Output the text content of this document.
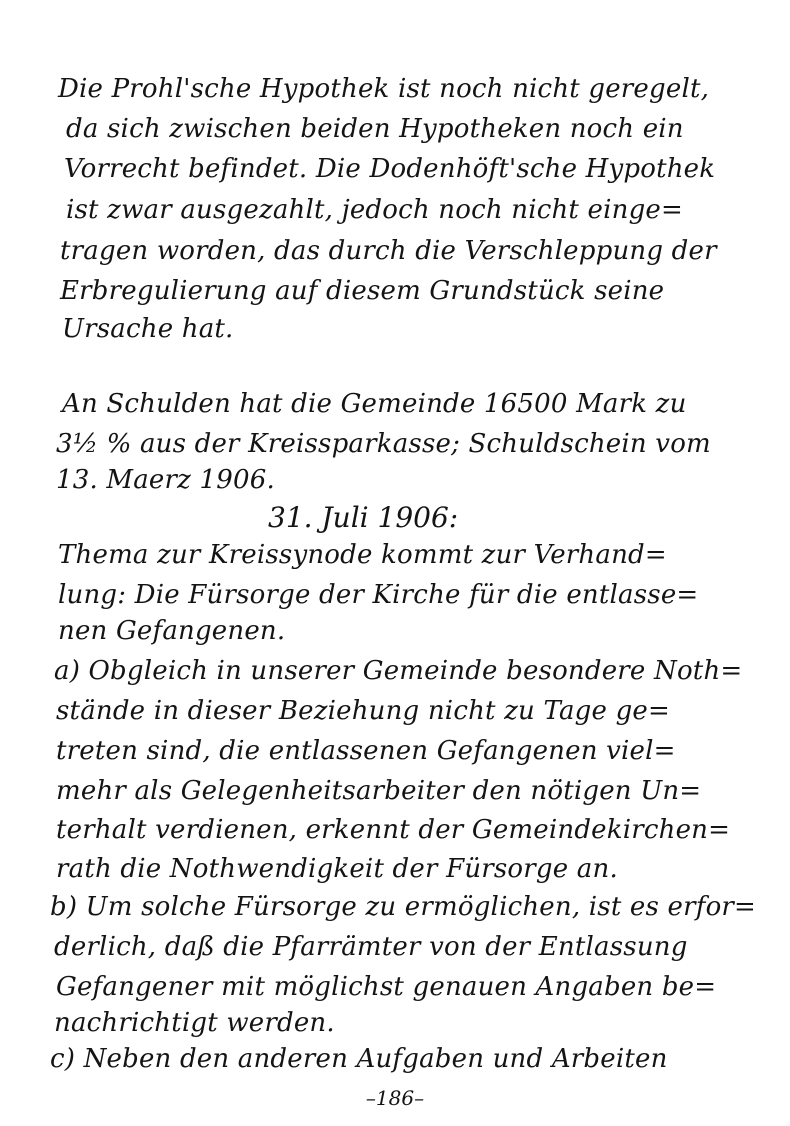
Die Prohl'sche Hypothek ist noch nicht geregelt,
da sich zwischen beiden Hypotheken noch ein
Vorrecht befindet. Die Dodenhöft'sche Hypothek
ist zwar ausgezahlt, jedoch noch nicht einge=
tragen worden, das durch die Verschleppung der
Erbregulierung auf diesem Grundstück seine
Ursache hat.
An Schulden hat die Gemeinde 16500 Mark zu
3½ % aus der Kreissparkasse; Schuldschein vom
13. Maerz 1906.
31. Juli 1906:
Thema zur Kreissynode kommt zur Verhand=
lung: Die Fürsorge der Kirche für die entlasse=
nen Gefangenen.
a) Obgleich in unserer Gemeinde besondere Noth=
stände in dieser Beziehung nicht zu Tage ge=
treten sind, die entlassenen Gefangenen viel=
mehr als Gelegenheitsarbeiter den nötigen Un=
terhalt verdienen, erkennt der Gemeindekirchen=
rath die Nothwendigkeit der Fürsorge an.
b) Um solche Fürsorge zu ermöglichen, ist es erfor=
derlich, daß die Pfarrämter von der Entlassung
Gefangener mit möglichst genauen Angaben be=
nachrichtigt werden.
c) Neben den anderen Aufgaben und Arbeiten
–186–
